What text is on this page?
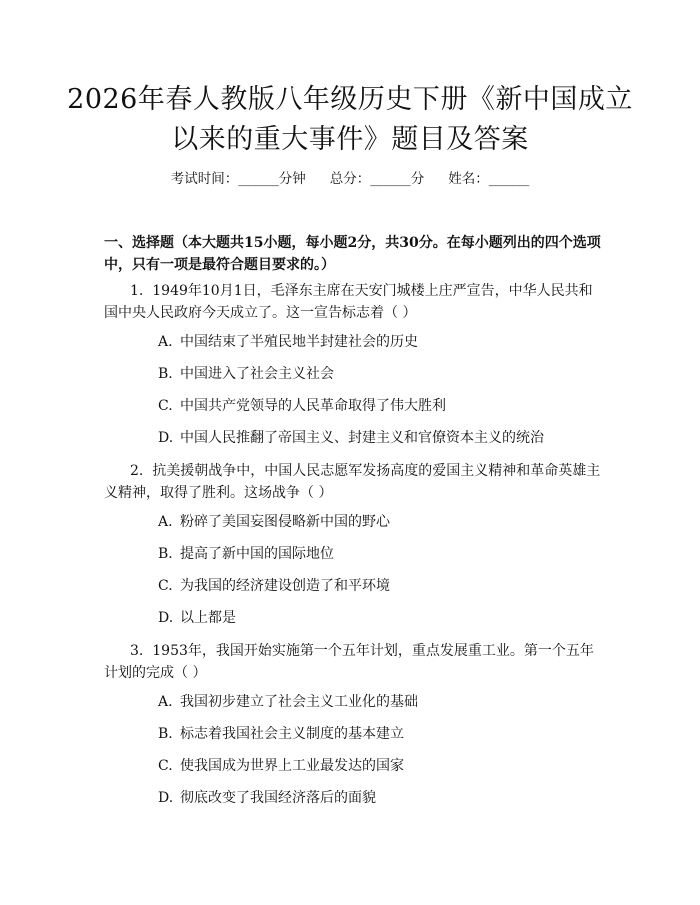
2026年春人教版八年级历史下册《新中国成立以来的重大事件》题目及答案
考试时间：______分钟 总分：______分 姓名：______
一、选择题（本大题共15小题，每小题2分，共30分。在每小题列出的四个选项中，只有一项是最符合题目要求的。）
1. 1949年10月1日，毛泽东主席在天安门城楼上庄严宣告，中华人民共和国中央人民政府今天成立了。这一宣告标志着（ ）
A. 中国结束了半殖民地半封建社会的历史
B. 中国进入了社会主义社会
C. 中国共产党领导的人民革命取得了伟大胜利
D. 中国人民推翻了帝国主义、封建主义和官僚资本主义的统治
2. 抗美援朝战争中，中国人民志愿军发扬高度的爱国主义精神和革命英雄主义精神，取得了胜利。这场战争（ ）
A. 粉碎了美国妄图侵略新中国的野心
B. 提高了新中国的国际地位
C. 为我国的经济建设创造了和平环境
D. 以上都是
3. 1953年，我国开始实施第一个五年计划，重点发展重工业。第一个五年计划的完成（ ）
A. 我国初步建立了社会主义工业化的基础
B. 标志着我国社会主义制度的基本建立
C. 使我国成为世界上工业最发达的国家
D. 彻底改变了我国经济落后的面貌
